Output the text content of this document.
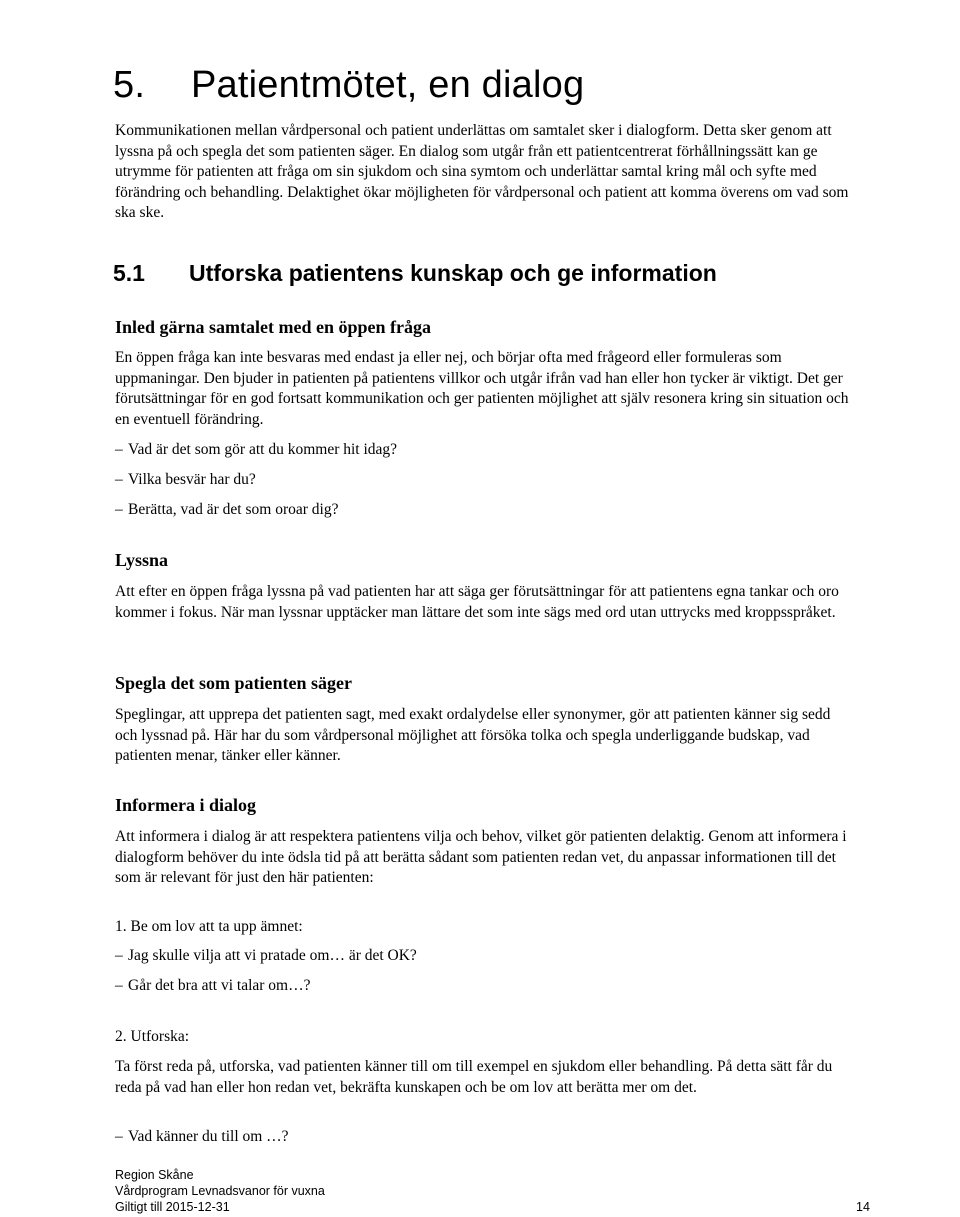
5. Patientmötet, en dialog

Kommunikationen mellan vårdpersonal och patient underlättas om samtalet sker i dialogform. Detta sker genom att lyssna på och spegla det som patienten säger. En dialog som utgår från ett patientcentrerat förhållningssätt kan ge utrymme för patienten att fråga om sin sjukdom och sina symtom och underlättar samtal kring mål och syfte med förändring och behandling. Delaktighet ökar möjligheten för vårdpersonal och patient att komma överens om vad som ska ske.

5.1 Utforska patientens kunskap och ge information
Inled gärna samtalet med en öppen fråga

En öppen fråga kan inte besvaras med endast ja eller nej, och börjar ofta med frågeord eller formuleras som uppmaningar. Den bjuder in patienten på patientens villkor och utgår ifrån vad han eller hon tycker är viktigt. Det ger förutsättningar för en god fortsatt kommunikation och ger patienten möjlighet att själv resonera kring sin situation och en eventuell förändring.

– Vad är det som gör att du kommer hit idag?
– Vilka besvär har du?
– Berätta, vad är det som oroar dig?
Lyssna

Att efter en öppen fråga lyssna på vad patienten har att säga ger förutsättningar för att patientens egna tankar och oro kommer i fokus. När man lyssnar upptäcker man lättare det som inte sägs med ord utan uttrycks med kroppsspråket.

Spegla det som patienten säger

Speglingar, att upprepa det patienten sagt, med exakt ordalydelse eller synonymer, gör att patienten känner sig sedd och lyssnad på. Här har du som vårdpersonal möjlighet att försöka tolka och spegla underliggande budskap, vad patienten menar, tänker eller känner.

Informera i dialog

Att informera i dialog är att respektera patientens vilja och behov, vilket gör patienten delaktig. Genom att informera i dialogform behöver du inte ödsla tid på att berätta sådant som patienten redan vet, du anpassar informationen till det som är relevant för just den här patienten:

1. Be om lov att ta upp ämnet:
– Jag skulle vilja att vi pratade om… är det OK?
– Går det bra att vi talar om…?
2. Utforska:

Ta först reda på, utforska, vad patienten känner till om till exempel en sjukdom eller behandling. På detta sätt får du reda på vad han eller hon redan vet, bekräfta kunskapen och be om lov att berätta mer om det.

– Vad känner du till om …?
Region Skåne
Vårdprogram Levnadsvanor för vuxna
Giltigt till 2015-12-31	14
